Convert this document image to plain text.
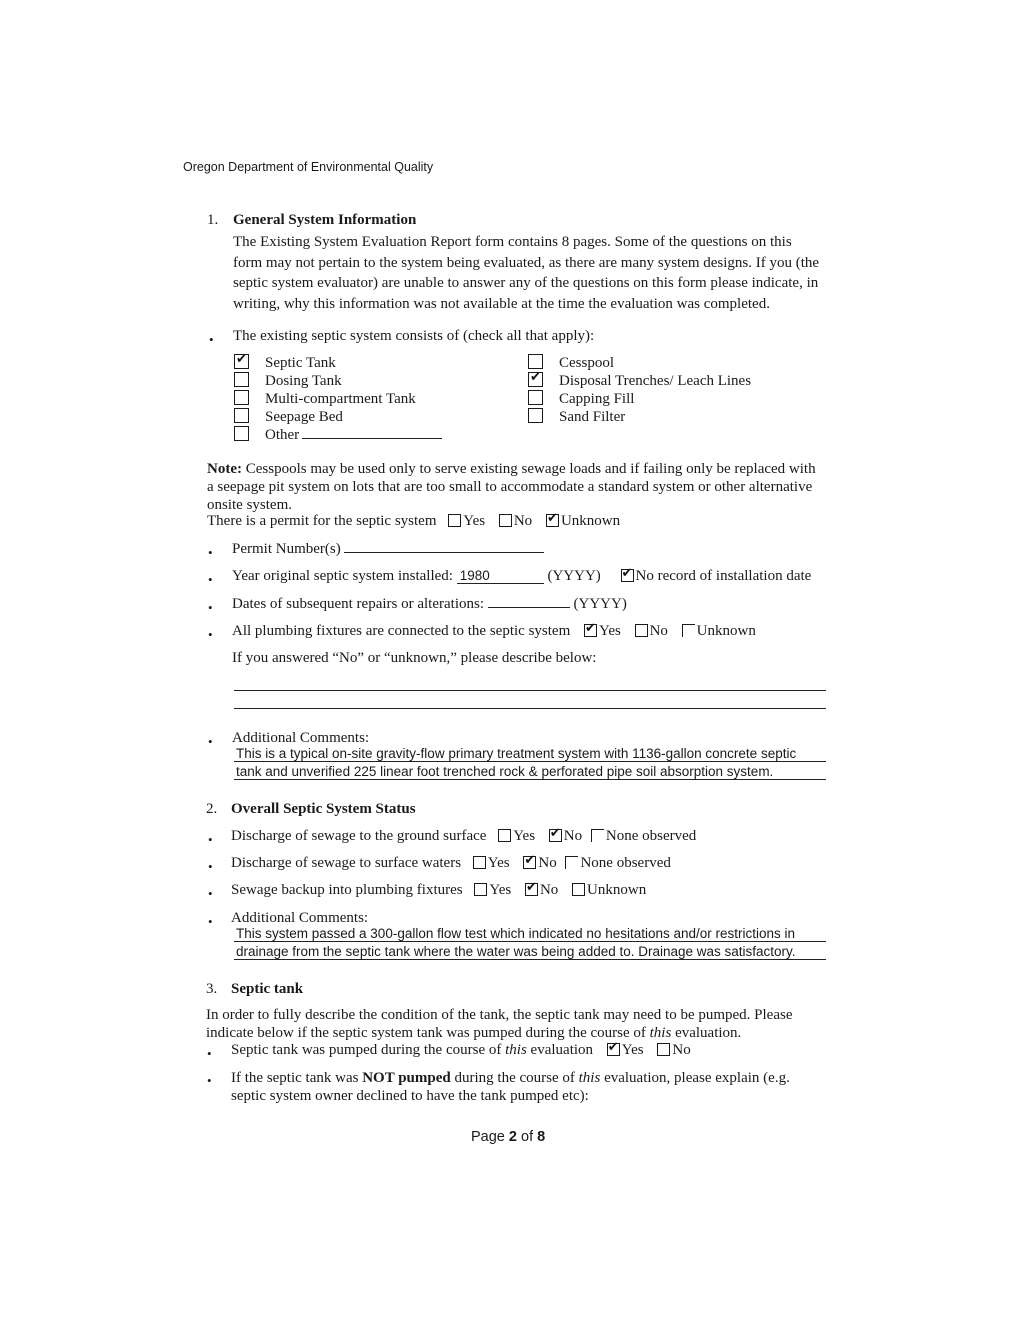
Oregon Department of Environmental Quality
1. General System Information
The Existing System Evaluation Report form contains 8 pages. Some of the questions on this
form may not pertain to the system being evaluated, as there are many system designs. If you (the
septic system evaluator) are unable to answer any of the questions on this form please indicate, in
writing, why this information was not available at the time the evaluation was completed.
• The existing septic system consists of (check all that apply):
✔Septic Tank
Dosing Tank
Multi-compartment Tank
Seepage Bed
Other
Cesspool
✔Disposal Trenches/ Leach Lines
Capping Fill
Sand Filter
Note: Cesspools may be used only to serve existing sewage loads and if failing only be replaced with
a seepage pit system on lots that are too small to accommodate a standard system or other alternative
onsite system.
There is a permit for the septic system Yes No ✔ Unknown
• Permit Number(s)
• Year original septic system installed: 1980	(YYYY) ✔ No record of installation date
• Dates of subsequent repairs or alterations:	(YYYY)
• All plumbing fixtures are connected to the septic system ✔ Yes No Unknown
If you answered “No” or “unknown,” please describe below:
• Additional Comments:
This is a typical on-site gravity-flow primary treatment system with 1136-gallon concrete septic
tank and unverified 225 linear foot trenched rock & perforated pipe soil absorption system.
2. Overall Septic System Status
• Discharge of sewage to the ground surface Yes ✔ No None observed
• Discharge of sewage to surface waters Yes ✔ No None observed
• Sewage backup into plumbing fixtures Yes ✔ No Unknown
• Additional Comments:
This system passed a 300-gallon flow test which indicated no hesitations and/or restrictions in
drainage from the septic tank where the water was being added to. Drainage was satisfactory.
3. Septic tank
In order to fully describe the condition of the tank, the septic tank may need to be pumped. Please
indicate below if the septic system tank was pumped during the course of this evaluation.
• Septic tank was pumped during the course of this evaluation ✔ Yes No
• If the septic tank was NOT pumped during the course of this evaluation, please explain (e.g.
septic system owner declined to have the tank pumped etc):
Page 2 of 8
